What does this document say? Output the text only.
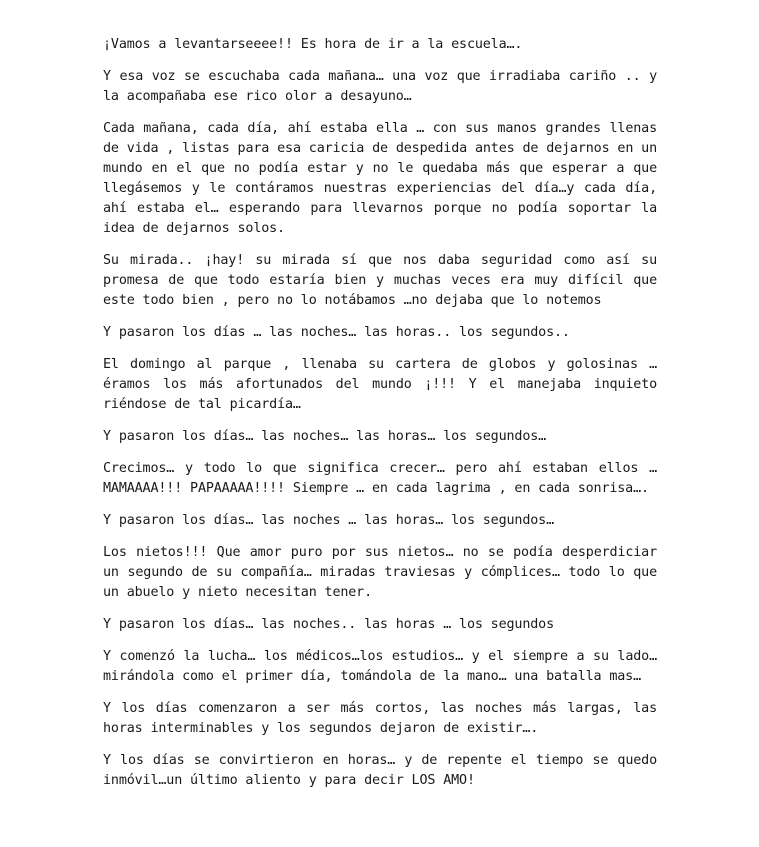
¡Vamos a levantarseeee!! Es hora de ir a la escuela….

Y esa voz se escuchaba cada mañana… una voz que irradiaba cariño .. y la acompañaba ese rico olor a desayuno…

Cada mañana, cada día, ahí estaba ella … con sus manos grandes llenas de vida , listas para esa caricia de despedida antes de dejarnos en un mundo en el que no podía estar y no le quedaba más que esperar a que llegásemos y le contáramos nuestras experiencias del día…y cada día, ahí estaba el… esperando para llevarnos porque no podía soportar la idea de dejarnos solos.

Su mirada.. ¡hay! su mirada sí que nos daba seguridad como así su promesa de que todo estaría bien y muchas veces era muy difícil que este todo bien , pero no lo notábamos …no dejaba que lo notemos

Y pasaron los días … las noches… las horas.. los segundos..

El domingo al parque , llenaba su cartera de globos y golosinas … éramos los más afortunados del mundo ¡!!! Y el manejaba inquieto riéndose de tal picardía…

Y pasaron los días… las noches… las horas… los segundos…

Crecimos… y todo lo que significa crecer… pero ahí estaban ellos … MAMAAAA!!! PAPAAAAA!!!! Siempre … en cada lagrima , en cada sonrisa….

Y pasaron los días… las noches … las horas… los segundos…

Los nietos!!! Que amor puro por sus nietos… no se podía desperdiciar un segundo de su compañía… miradas traviesas y cómplices… todo lo que un abuelo y nieto necesitan tener.

Y pasaron los días… las noches.. las horas … los segundos

Y comenzó la lucha… los médicos…los estudios… y el siempre a su lado… mirándola como el primer día, tomándola de la mano… una batalla mas…

Y los días comenzaron a ser más cortos, las noches más largas, las horas interminables y los segundos dejaron de existir….

Y los días se convirtieron en horas… y de repente el tiempo se quedo inmóvil…un último aliento y para decir LOS AMO!
